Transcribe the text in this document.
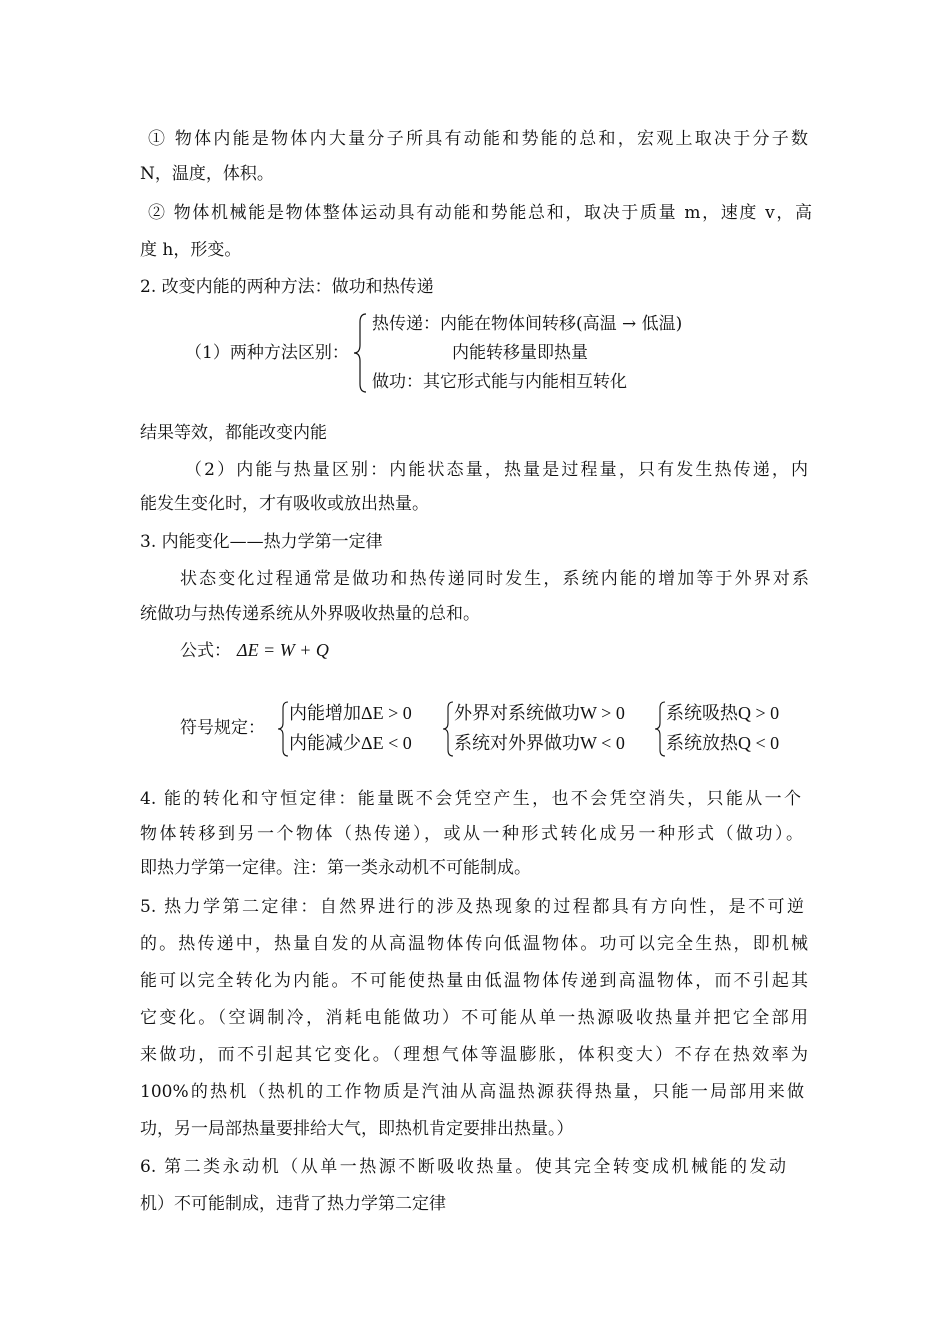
① 物体内能是物体内大量分子所具有动能和势能的总和，宏观上取决于分子数
N，温度，体积。
② 物体机械能是物体整体运动具有动能和势能总和，取决于质量 m，速度 v，高
度 h，形变。
2. 改变内能的两种方法：做功和热传递
（1）两种方法区别：
热传递：内能在物体间转移(高温 → 低温)
内能转移量即热量
做功：其它形式能与内能相互转化
结果等效，都能改变内能
（2）内能与热量区别：内能状态量，热量是过程量，只有发生热传递，内
能发生变化时，才有吸收或放出热量。
3. 内能变化——热力学第一定律
状态变化过程通常是做功和热传递同时发生，系统内能的增加等于外界对系
统做功与热传递系统从外界吸收热量的总和。
公式： ΔE = W + Q
符号规定：
内能增加ΔE > 0
内能减少ΔE < 0
外界对系统做功W > 0
系统对外界做功W < 0
系统吸热Q > 0
系统放热Q < 0
4. 能的转化和守恒定律：能量既不会凭空产生，也不会凭空消失，只能从一个
物体转移到另一个物体（热传递），或从一种形式转化成另一种形式（做功）。
即热力学第一定律。注：第一类永动机不可能制成。
5. 热力学第二定律：自然界进行的涉及热现象的过程都具有方向性，是不可逆
的。热传递中，热量自发的从高温物体传向低温物体。功可以完全生热，即机械
能可以完全转化为内能。不可能使热量由低温物体传递到高温物体，而不引起其
它变化。（空调制冷，消耗电能做功）不可能从单一热源吸收热量并把它全部用
来做功，而不引起其它变化。（理想气体等温膨胀，体积变大）不存在热效率为
100%的热机（热机的工作物质是汽油从高温热源获得热量，只能一局部用来做
功，另一局部热量要排给大气，即热机肯定要排出热量。）
6. 第二类永动机（从单一热源不断吸收热量。使其完全转变成机械能的发动
机）不可能制成，违背了热力学第二定律
